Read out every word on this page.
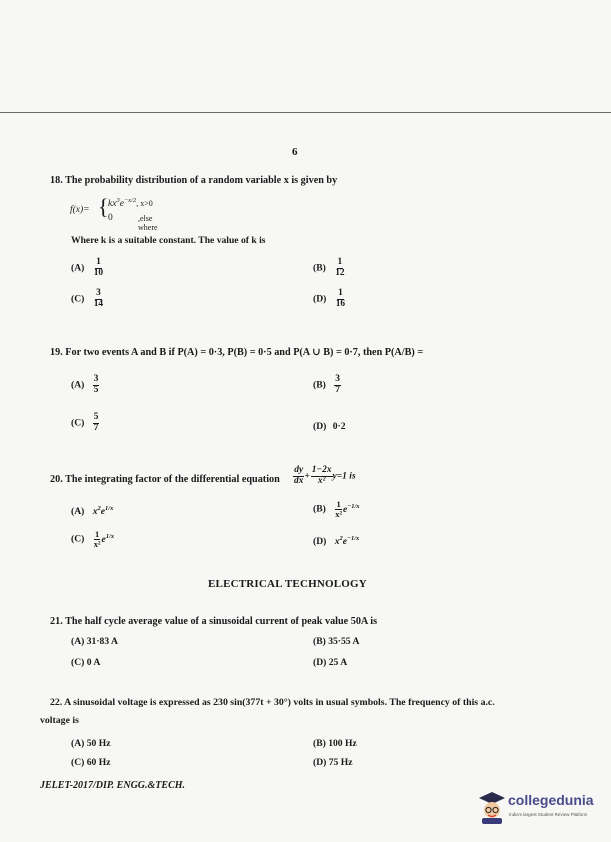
6
18. The probability distribution of a random variable x is given by
f(x)= { $kx^3e^{-x/2}$, x>0
0	,else where
Where k is a suitable constant. The value of k is
$(A) \frac{1}{10}$	$(B) \frac{1}{12}$
$(C) \frac{3}{14}$	$(D) \frac{1}{16}$
19. For two events A and B if P(A) = 0·3, P(B) = 0·5 and P(A ∪ B) = 0·7, then P(A/B) =
$(A) \frac{3}{5}$	$(B) \frac{3}{7}$
$(C) \frac{5}{7}$	(D) 0·2
20. The integrating factor of the differential equation $\frac{dy}{dx} + \frac{1-2x}{\text{x²}} y=1$ is
(A) $x^2e^{1/x}$	$(B) \frac{1}{\text{x²}} e^{-1/x}$
$(C) \frac{1}{\text{x²}} e^{1/x}$
(D) $x^2e^{-1/x}$
ELECTRICAL TECHNOLOGY
21. The half cycle average value of a sinusoidal current of peak value 50A is
(A) 31·83 A	(B) 35·55 A
(C) 0 A	(D) 25 A
22. A sinusoidal voltage is expressed as 230 sin(377t + 30°) volts in usual symbols. The frequency of this a.c.
voltage is
(A) 50 Hz	(B) 100 Hz
(C) 60 Hz	(D) 75 Hz
JELET-2017/DIP. ENGG.&TECH.
collegedunia
India's largest Student Review Platform
